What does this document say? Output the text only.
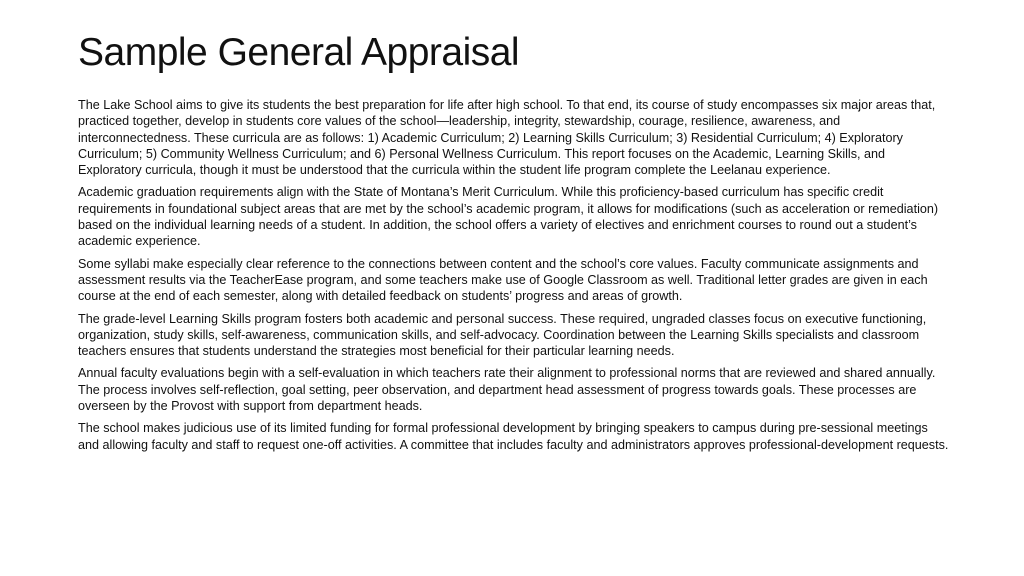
Sample General Appraisal

The Lake School aims to give its students the best preparation for life after high school. To that end, its course of study encompasses six major areas that, practiced together, develop in students core values of the school—leadership, integrity, stewardship, courage, resilience, awareness, and interconnectedness. These curricula are as follows: 1) Academic Curriculum; 2) Learning Skills Curriculum; 3) Residential Curriculum; 4) Exploratory Curriculum; 5) Community Wellness Curriculum; and 6) Personal Wellness Curriculum. This report focuses on the Academic, Learning Skills, and Exploratory curricula, though it must be understood that the curricula within the student life program complete the Leelanau experience.

Academic graduation requirements align with the State of Montana’s Merit Curriculum. While this proficiency-based curriculum has specific credit requirements in foundational subject areas that are met by the school’s academic program, it allows for modifications (such as acceleration or remediation) based on the individual learning needs of a student. In addition, the school offers a variety of electives and enrichment courses to round out a student’s academic experience.

Some syllabi make especially clear reference to the connections between content and the school’s core values. Faculty communicate assignments and assessment results via the TeacherEase program, and some teachers make use of Google Classroom as well. Traditional letter grades are given in each course at the end of each semester, along with detailed feedback on students’ progress and areas of growth.

The grade-level Learning Skills program fosters both academic and personal success. These required, ungraded classes focus on executive functioning, organization, study skills, self-awareness, communication skills, and self-advocacy. Coordination between the Learning Skills specialists and classroom teachers ensures that students understand the strategies most beneficial for their particular learning needs.

Annual faculty evaluations begin with a self-evaluation in which teachers rate their alignment to professional norms that are reviewed and shared annually. The process involves self-reflection, goal setting, peer observation, and department head assessment of progress towards goals. These processes are overseen by the Provost with support from department heads.

The school makes judicious use of its limited funding for formal professional development by bringing speakers to campus during pre-sessional meetings and allowing faculty and staff to request one-off activities. A committee that includes faculty and administrators approves professional-development requests.
